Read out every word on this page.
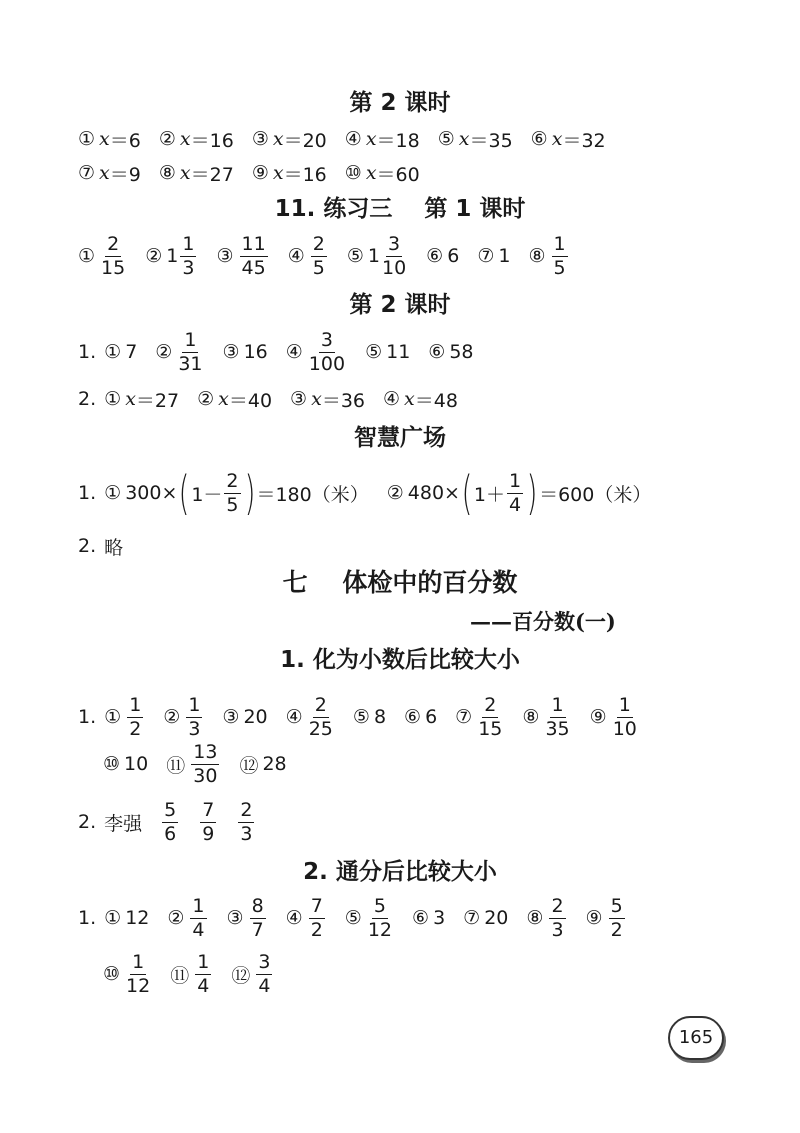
第 2 课时
① x ＝6 ② x ＝16 ③ x ＝20 ④ x ＝18 ⑤ x ＝35 ⑥ x ＝32
⑦ x ＝9 ⑧ x ＝27 ⑨ x ＝16 ⑩ x ＝60
11. 练习三    第 1 课时
① $\frac{2}{15}$ ② $1 \frac{1}{3}$ ③ $\frac{11}{45}$ ④ $\frac{2}{5}$ ⑤ $1 \frac{3}{10}$ ⑥ 6 ⑦ 1 ⑧ $\frac{1}{5}$
第 2 课时
1. ① 7 ② $\frac{1}{31}$ ③ 16 ④ $\frac{3}{100}$ ⑤ 11 ⑥ 58
2. ① x ＝27 ② x ＝40 ③ x ＝36 ④ x ＝48
智慧广场
1. ① 300× ( $1- \frac{2}{5}$ ) ＝180（米） ② 480× ( $1+ \frac{1}{4}$ ) ＝600（米）
2. 略
七    体检中的百分数
——百分数(一)
1. 化为小数后比较大小
1. ① $\frac{1}{2}$ ② $\frac{1}{3}$ ③ 20 ④ $\frac{2}{25}$ ⑤ 8 ⑥ 6 ⑦ $\frac{2}{15}$ ⑧ $\frac{1}{35}$ ⑨ $\frac{1}{10}$
⑩ 10 ⑪ $\frac{13}{30}$ ⑫ 28
2. 李强 $\frac{5}{6} \frac{7}{9} \frac{2}{3}$
2. 通分后比较大小
1. ① 12 ② $\frac{1}{4}$ ③ $\frac{8}{7}$ ④ $\frac{7}{2}$ ⑤ $\frac{5}{12}$ ⑥ 3 ⑦ 20 ⑧ $\frac{2}{3}$ ⑨ $\frac{5}{2}$
⑩ $\frac{1}{12}$ ⑪ $\frac{1}{4}$ ⑫ $\frac{3}{4}$
165
